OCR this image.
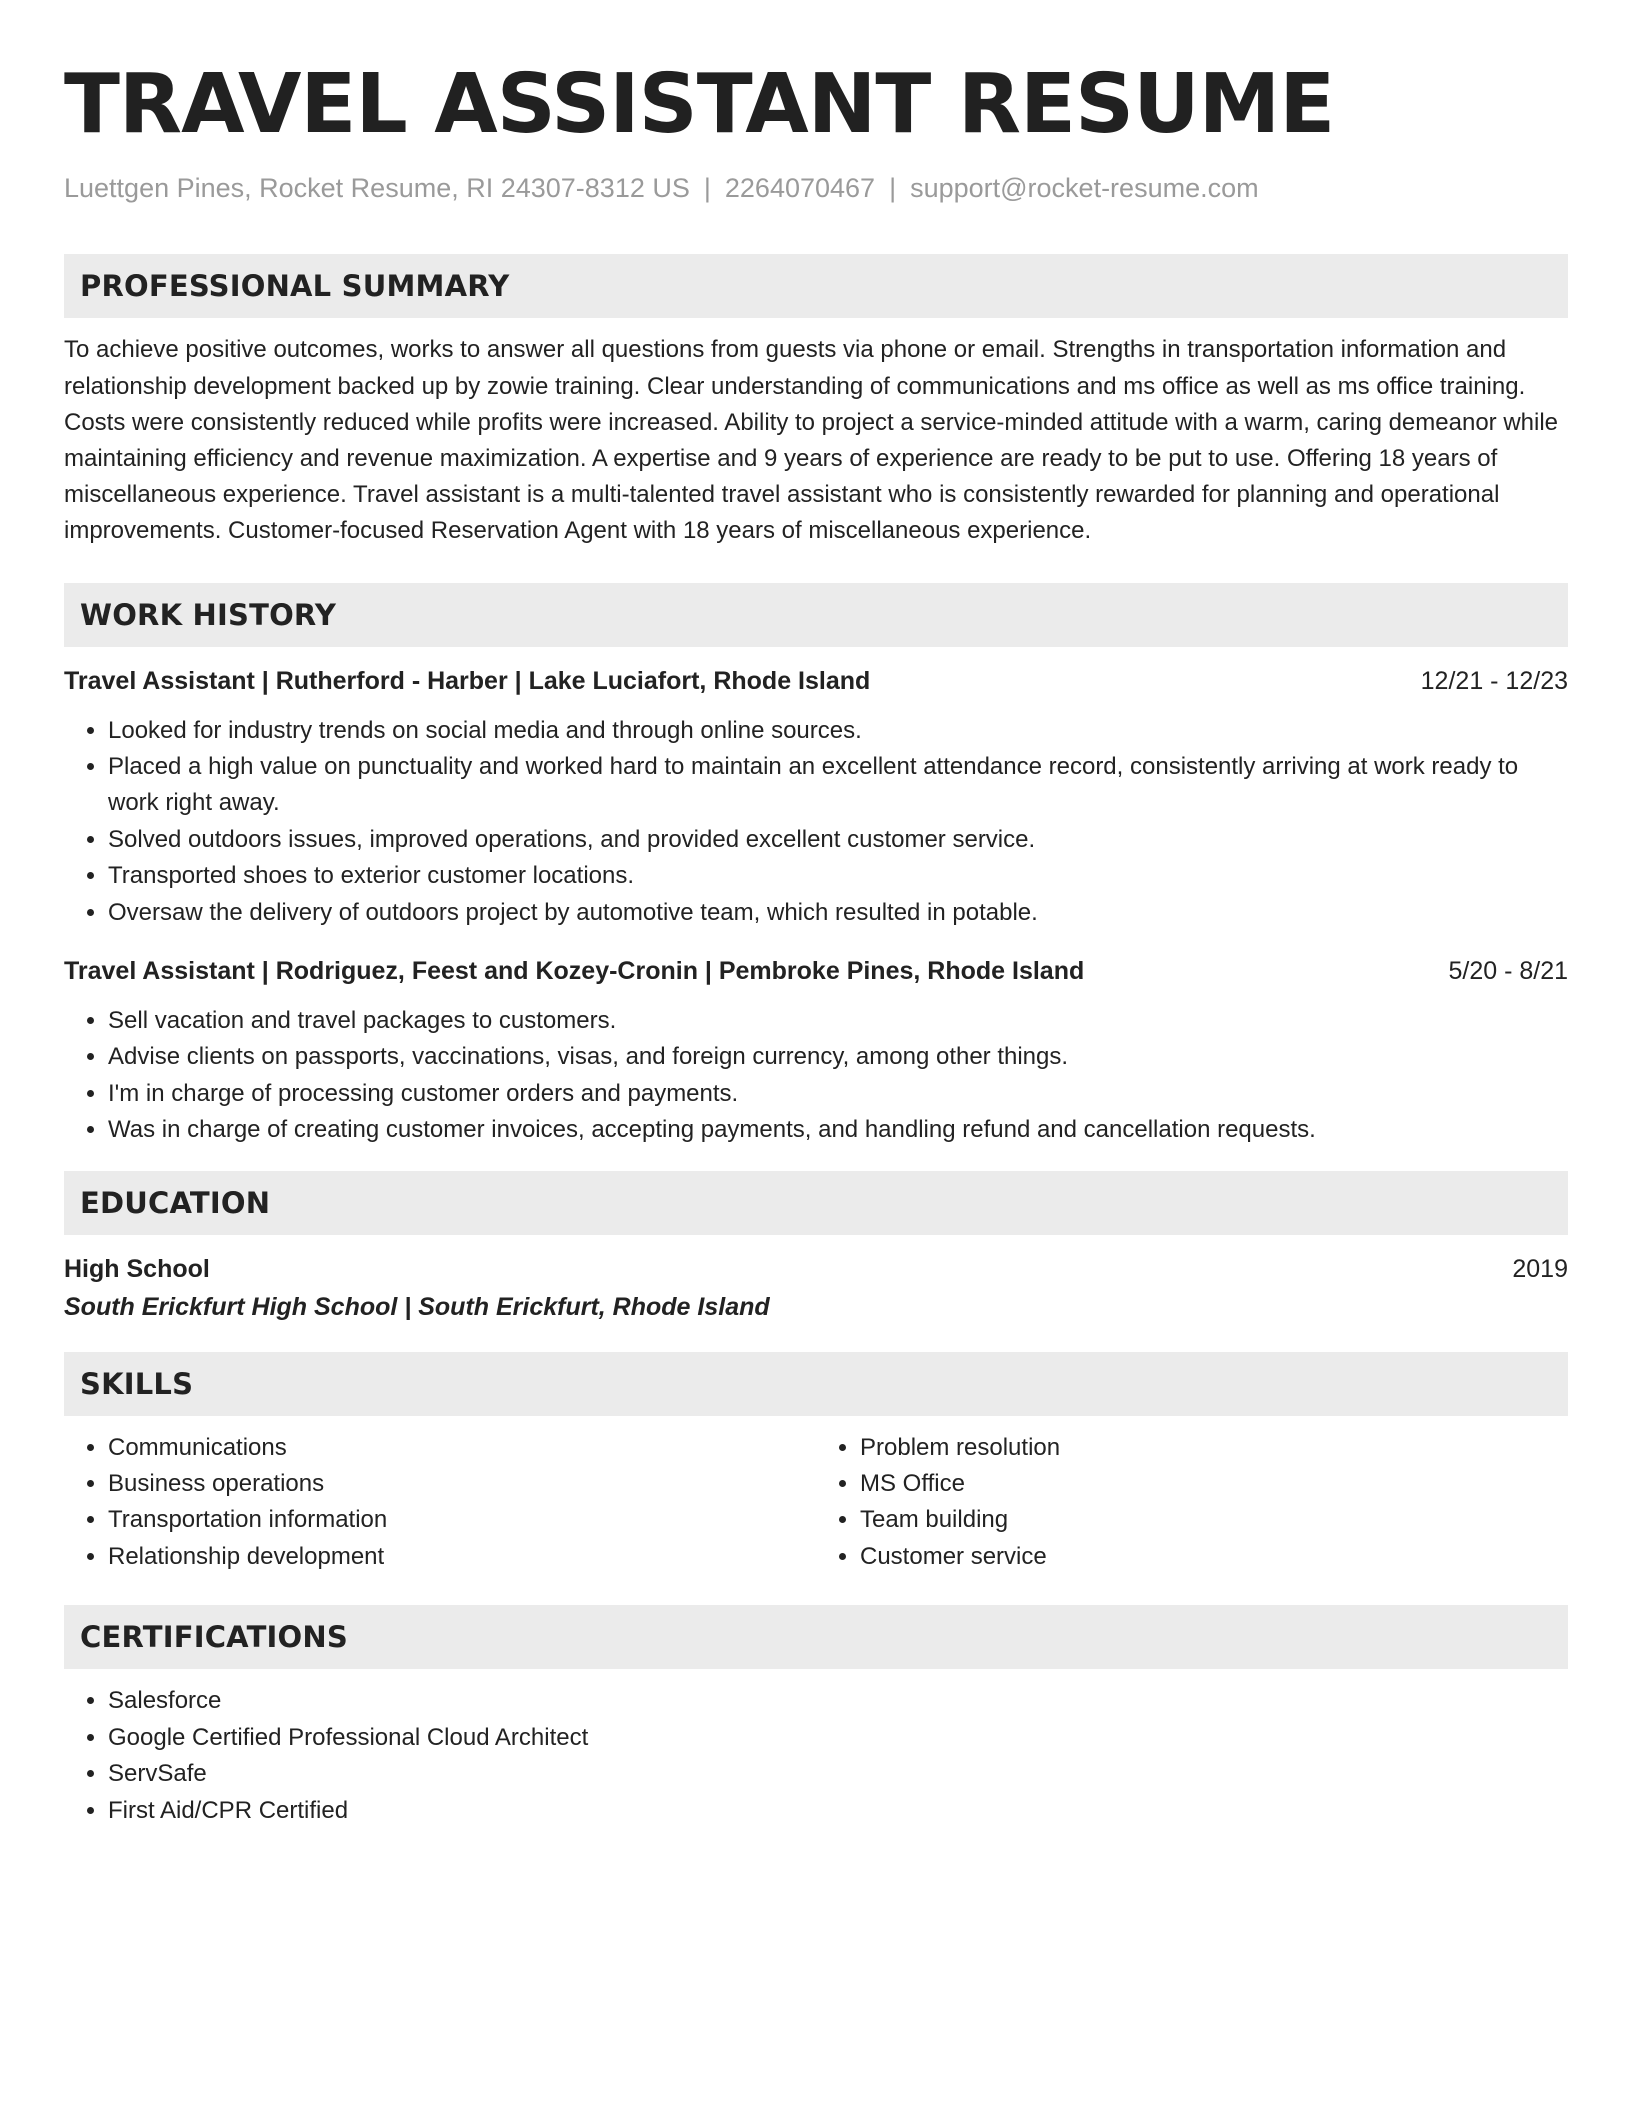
TRAVEL ASSISTANT RESUME
Luettgen Pines, Rocket Resume, RI 24307-8312 US | 2264070467 | support@rocket-resume.com
PROFESSIONAL SUMMARY
To achieve positive outcomes, works to answer all questions from guests via phone or email. Strengths in transportation information and relationship development backed up by zowie training. Clear understanding of communications and ms office as well as ms office training. Costs were consistently reduced while profits were increased. Ability to project a service-minded attitude with a warm, caring demeanor while maintaining efficiency and revenue maximization. A expertise and 9 years of experience are ready to be put to use. Offering 18 years of miscellaneous experience. Travel assistant is a multi-talented travel assistant who is consistently rewarded for planning and operational improvements. Customer-focused Reservation Agent with 18 years of miscellaneous experience.
WORK HISTORY
Travel Assistant | Rutherford - Harber | Lake Luciafort, Rhode Island	12/21 - 12/23
• Looked for industry trends on social media and through online sources.
• Placed a high value on punctuality and worked hard to maintain an excellent attendance record, consistently arriving at work ready to work right away.
• Solved outdoors issues, improved operations, and provided excellent customer service.
• Transported shoes to exterior customer locations.
• Oversaw the delivery of outdoors project by automotive team, which resulted in potable.
Travel Assistant | Rodriguez, Feest and Kozey-Cronin | Pembroke Pines, Rhode Island	5/20 - 8/21
• Sell vacation and travel packages to customers.
• Advise clients on passports, vaccinations, visas, and foreign currency, among other things.
• I'm in charge of processing customer orders and payments.
• Was in charge of creating customer invoices, accepting payments, and handling refund and cancellation requests.
EDUCATION
High School	2019
South Erickfurt High School | South Erickfurt, Rhode Island
SKILLS
• Communications
• Business operations
• Transportation information
• Relationship development
• Problem resolution
• MS Office
• Team building
• Customer service
CERTIFICATIONS
• Salesforce
• Google Certified Professional Cloud Architect
• ServSafe
• First Aid/CPR Certified
